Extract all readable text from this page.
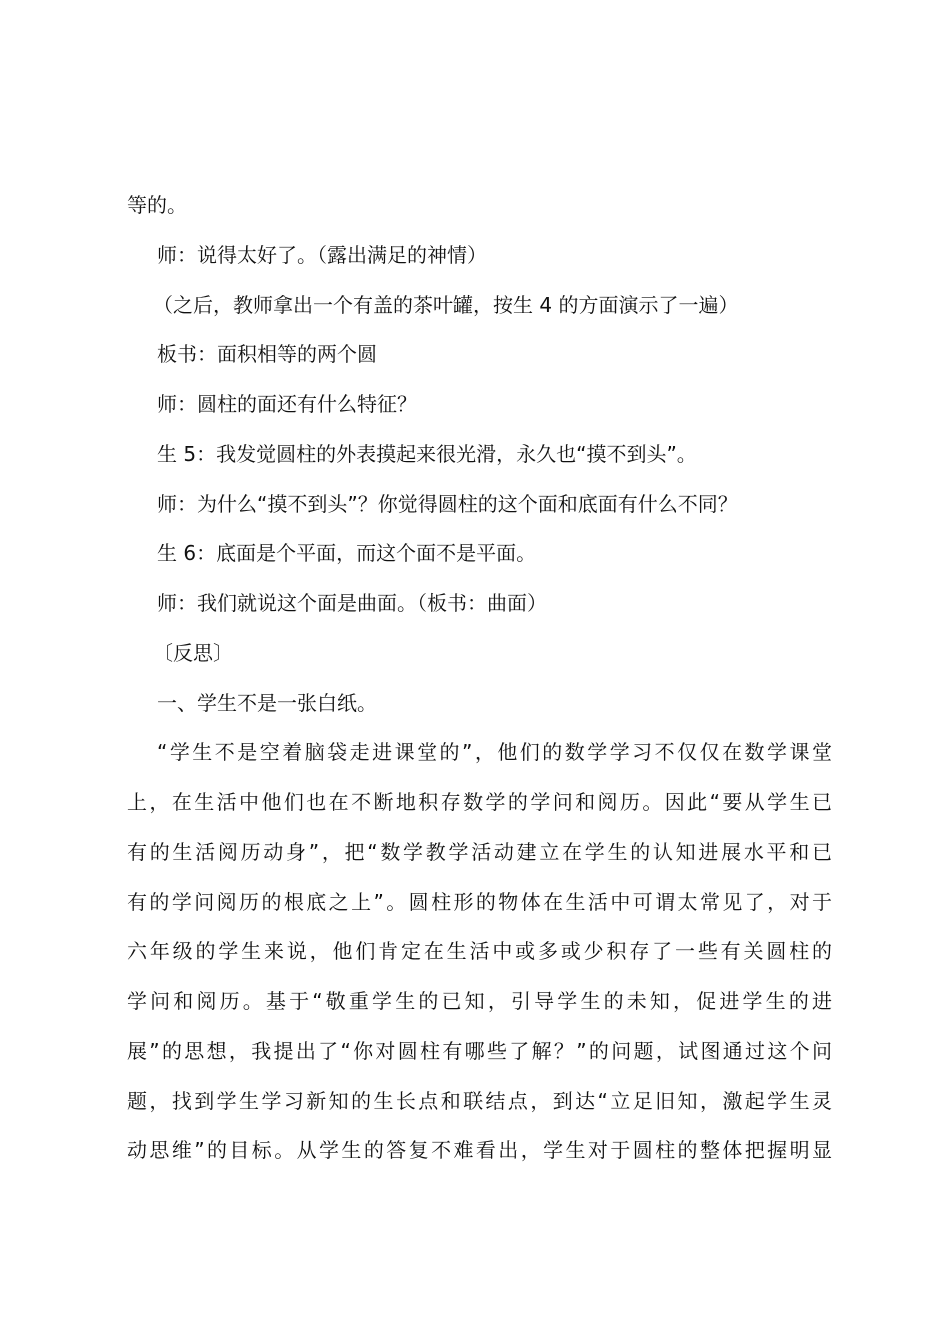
等的。
师：说得太好了。（露出满足的神情）
（之后，教师拿出一个有盖的茶叶罐，按生 4 的方面演示了一遍）
板书：面积相等的两个圆
师：圆柱的面还有什么特征？
生 5：我发觉圆柱的外表摸起来很光滑，永久也“摸不到头”。
师：为什么“摸不到头”？你觉得圆柱的这个面和底面有什么不同？
生 6：底面是个平面，而这个面不是平面。
师：我们就说这个面是曲面。（板书：曲面）
〔反思〕
一、学生不是一张白纸。
“学生不是空着脑袋走进课堂的”，他们的数学学习不仅仅在数学课堂
上，在生活中他们也在不断地积存数学的学问和阅历。因此“要从学生已
有的生活阅历动身”，把“数学教学活动建立在学生的认知进展水平和已
有的学问阅历的根底之上”。圆柱形的物体在生活中可谓太常见了，对于
六年级的学生来说，他们肯定在生活中或多或少积存了一些有关圆柱的
学问和阅历。基于“敬重学生的已知，引导学生的未知，促进学生的进
展”的思想，我提出了“你对圆柱有哪些了解？”的问题，试图通过这个问
题，找到学生学习新知的生长点和联结点，到达“立足旧知，激起学生灵
动思维”的目标。从学生的答复不难看出，学生对于圆柱的整体把握明显
